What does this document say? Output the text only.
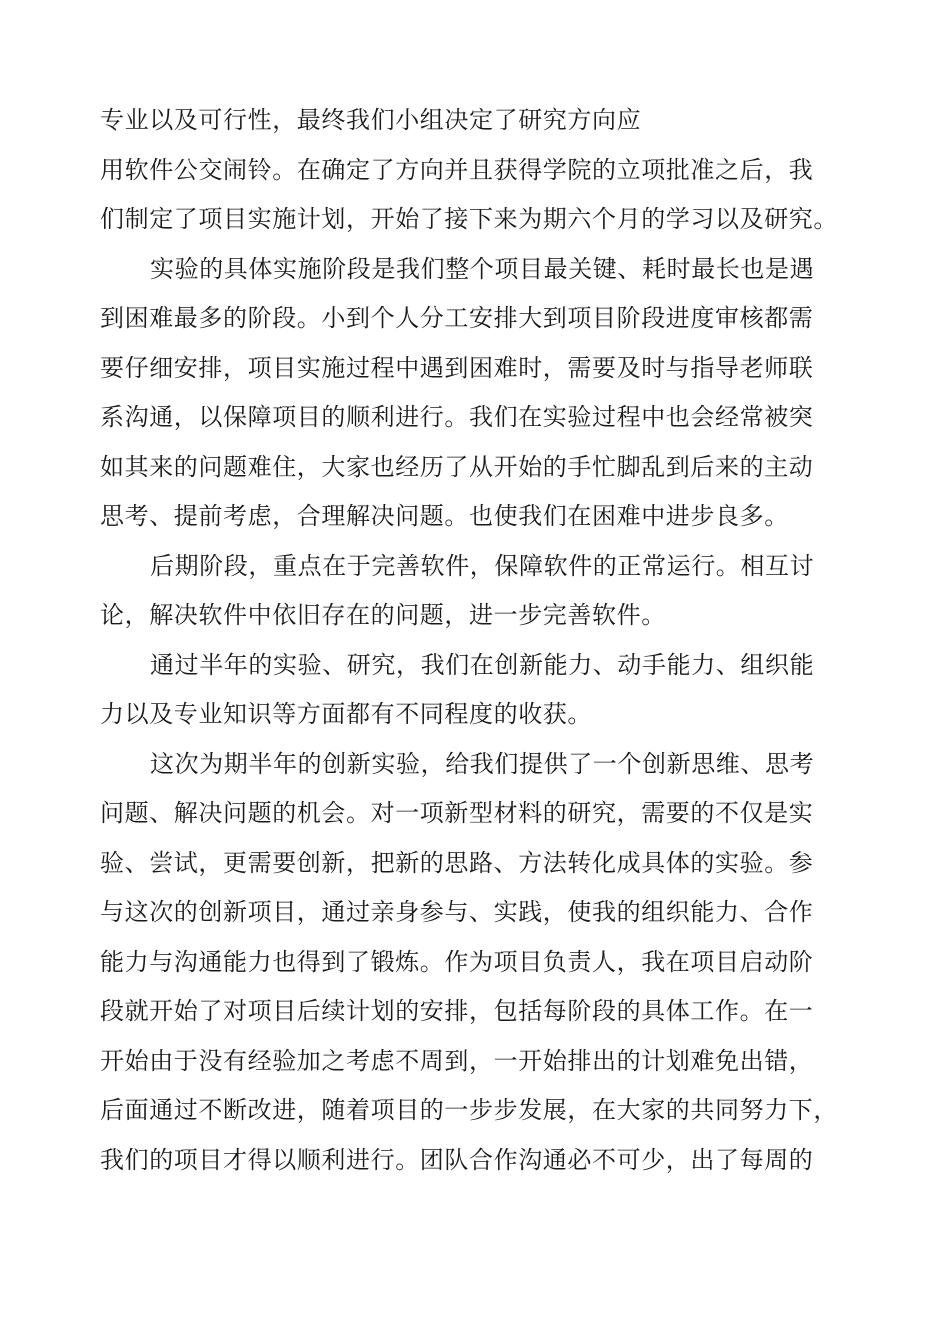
专业以及可行性，最终我们小组决定了研究方向应
用软件公交闹铃。在确定了方向并且获得学院的立项批准之后，我
们制定了项目实施计划，开始了接下来为期六个月的学习以及研究。
实验的具体实施阶段是我们整个项目最关键、耗时最长也是遇
到困难最多的阶段。小到个人分工安排大到项目阶段进度审核都需
要仔细安排，项目实施过程中遇到困难时，需要及时与指导老师联
系沟通，以保障项目的顺利进行。我们在实验过程中也会经常被突
如其来的问题难住，大家也经历了从开始的手忙脚乱到后来的主动
思考、提前考虑，合理解决问题。也使我们在困难中进步良多。
后期阶段，重点在于完善软件，保障软件的正常运行。相互讨
论，解决软件中依旧存在的问题，进一步完善软件。
通过半年的实验、研究，我们在创新能力、动手能力、组织能
力以及专业知识等方面都有不同程度的收获。
这次为期半年的创新实验，给我们提供了一个创新思维、思考
问题、解决问题的机会。对一项新型材料的研究，需要的不仅是实
验、尝试，更需要创新，把新的思路、方法转化成具体的实验。参
与这次的创新项目，通过亲身参与、实践，使我的组织能力、合作
能力与沟通能力也得到了锻炼。作为项目负责人，我在项目启动阶
段就开始了对项目后续计划的安排，包括每阶段的具体工作。在一
开始由于没有经验加之考虑不周到，一开始排出的计划难免出错，
后面通过不断改进，随着项目的一步步发展，在大家的共同努力下，
我们的项目才得以顺利进行。团队合作沟通必不可少，出了每周的
